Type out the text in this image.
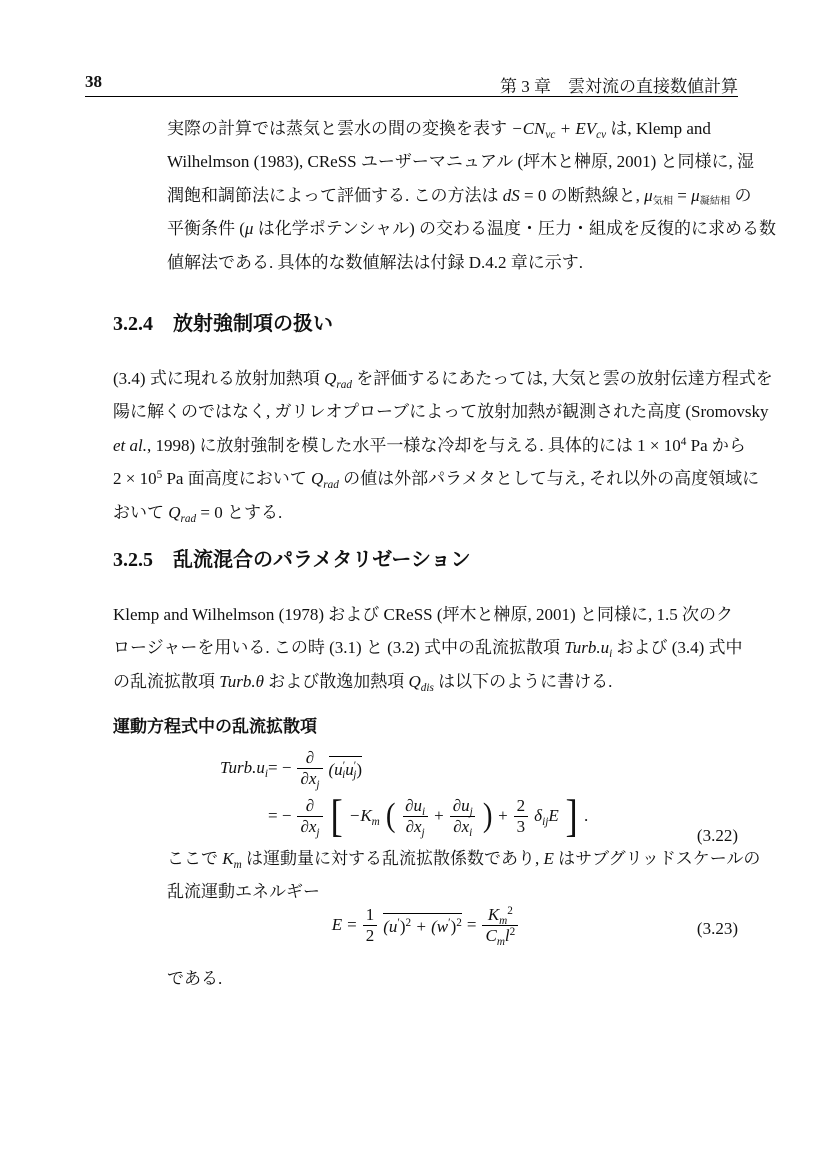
38	第 3 章　雲対流の直接数値計算
実際の計算では蒸気と雲水の間の変換を表す $-CN_{vc} + EV_{cv}$ は, Klemp and
Wilhelmson (1983), CReSS ユーザーマニュアル (坪木と榊原, 2001) と同様に, 湿
潤飽和調節法によって評価する. この方法は dS = 0 の断熱線と, $\mu_{気相} = \mu_{凝結相}$ の
平衡条件 (μ は化学ポテンシャル) の交わる温度・圧力・組成を反復的に求める数
値解法である. 具体的な数値解法は付録 D.4.2 章に示す.
3.2.4 放射強制項の扱い
(3.4) 式に現れる放射加熱項 $Q_{rad}$ を評価するにあたっては, 大気と雲の放射伝達方程式を
陽に解くのではなく, ガリレオプローブによって放射加熱が観測された高度 (Sromovsky
et al., 1998) に放射強制を模した水平一様な冷却を与える. 具体的には $1 \times 10^4$ Pa から
$2 \times 10^5$ Pa 面高度において $Q_{rad}$ の値は外部パラメタとして与え, それ以外の高度領域に
おいて $Q_{rad} = 0$ とする.
3.2.5 乱流混合のパラメタリゼーション
Klemp and Wilhelmson (1978) および CReSS (坪木と榊原, 2001) と同様に, 1.5 次のク
ロージャーを用いる. この時 (3.1) と (3.2) 式中の乱流拡散項 $Turb.u_i$ および (3.4) 式中
の乱流拡散項 Turb.θ および散逸加熱項 $Q_{dis}$ は以下のように書ける.
運動方程式中の乱流拡散項
$Turb.u_i$ = − $\frac{\partial}{\partial x_j} (u'_iu'_j)$
= − $\frac{\partial}{\partial x_j}$ [ $-K_m$ ( $\frac{\partial u_i}{\partial x_j} + \frac{\partial u_j}{\partial x_i}$ ) + $\frac{2}{3} \delta_{ij}E$ ] .
(3.22)
ここで $K_m$ は運動量に対する乱流拡散係数であり, E はサブグリッドスケールの
乱流運動エネルギー
$E = \frac{1}{2} (u')^2 + (w')^2 = \frac{K_m^2}{C_ml^2}$	(3.23)
である.
